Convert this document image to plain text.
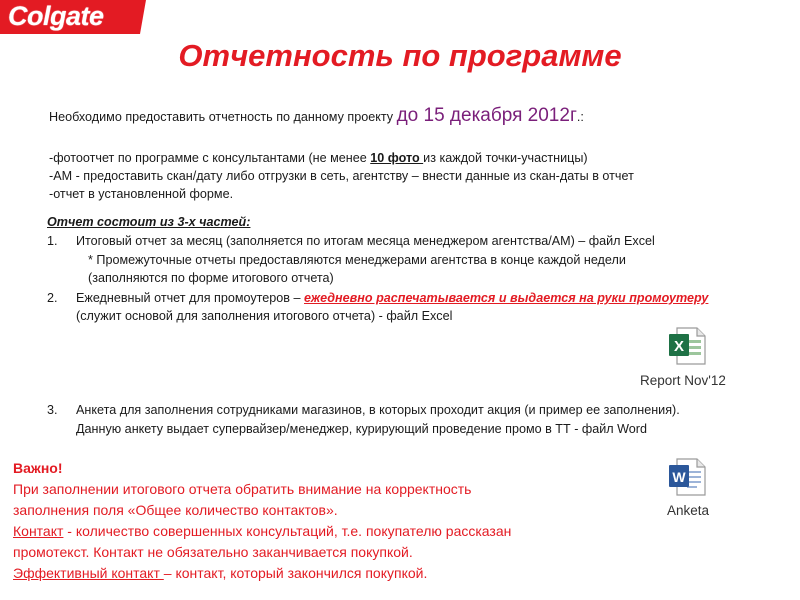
Colgate
Отчетность по программе
Необходимо предоставить отчетность по данному проекту до 15 декабря 2012г.:
-фотоотчет по программе с консультантами (не менее 10 фото из каждой точки-участницы)
-АМ - предоставить скан/дату либо отгрузки в сеть, агентству – внести данные из скан-даты в отчет
-отчет в установленной форме.
Отчет состоит из 3-х частей:
1. Итоговый отчет за месяц (заполняется по итогам месяца менеджером агентства/АМ) – файл Excel
* Промежуточные отчеты предоставляются менеджерами агентства в конце каждой недели
(заполняются по форме итогового отчета)
2. Ежедневный отчет для промоутеров – ежедневно распечатывается и выдается на руки промоутеру
(служит основой для заполнения итогового отчета) - файл Excel
3. Анкета для заполнения сотрудниками магазинов, в которых проходит акция (и пример ее заполнения).
Данную анкету выдает супервайзер/менеджер, курирующий проведение промо в ТТ - файл Word
X
Report Nov'12
W
Anketa
Важно!
При заполнении итогового отчета обратить внимание на корректность
заполнения поля «Общее количество контактов».
Контакт - количество совершенных консультаций, т.е. покупателю рассказан
промотекст. Контакт не обязательно заканчивается покупкой.
Эффективный контакт – контакт, который закончился покупкой.
